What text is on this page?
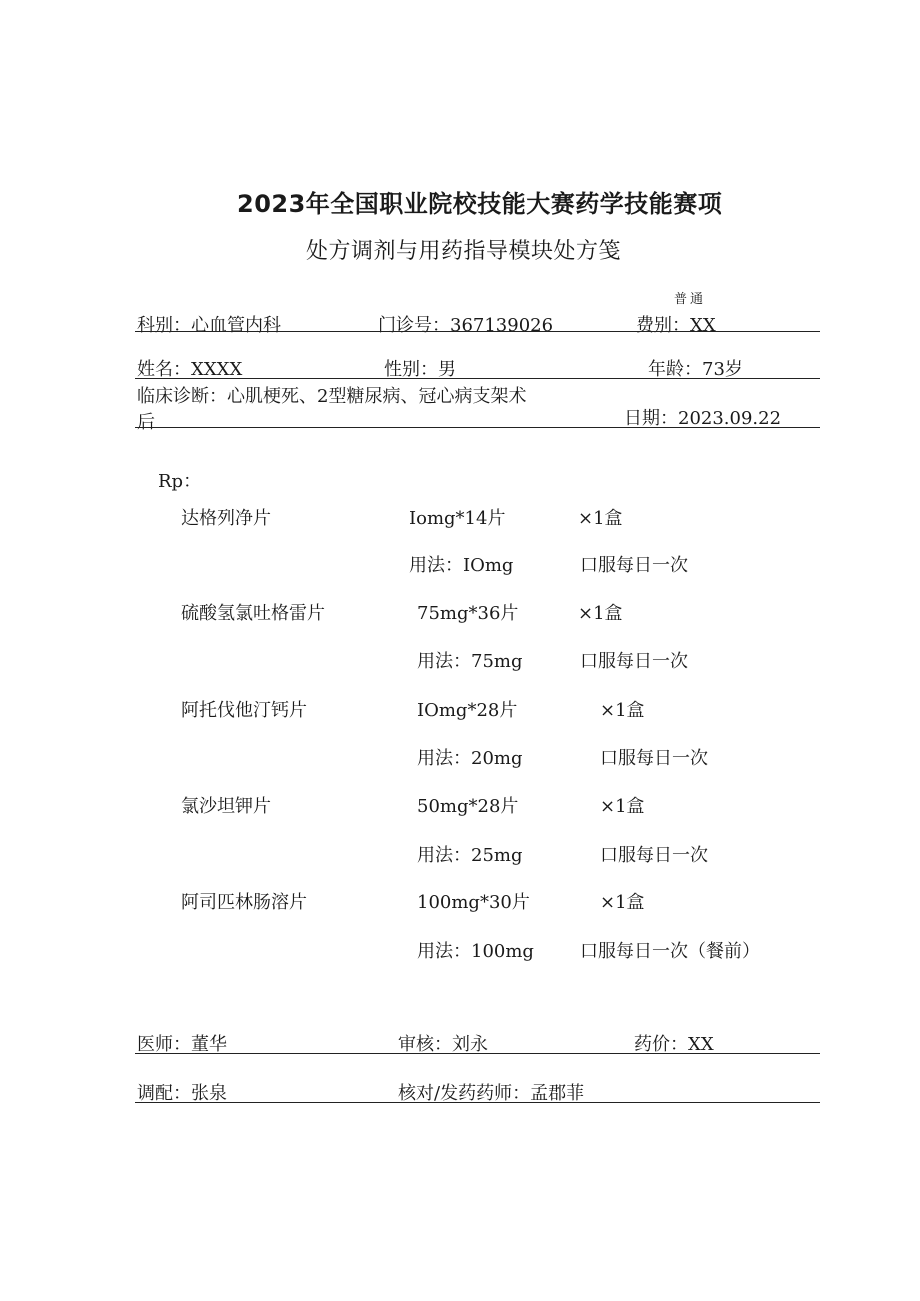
2023年全国职业院校技能大赛药学技能赛项
处方调剂与用药指导模块处方笺
普通
科别：心血管内科	门诊号：367139026	费别：XX
姓名：XXXX	性别：男	年龄：73岁
临床诊断：心肌梗死、2型糖尿病、冠心病支架术
后	日期：2023.09.22
Rp：
达格列净片	Iomg*14片	×1盒
用法：IOmg	口服每日一次
硫酸氢氯吐格雷片	75mg*36片	×1盒
用法：75mg	口服每日一次
阿托伐他汀钙片	IOmg*28片	×1盒
用法：20mg	口服每日一次
氯沙坦钾片	50mg*28片	×1盒
用法：25mg	口服每日一次
阿司匹林肠溶片	100mg*30片	×1盒
用法：100mg	口服每日一次（餐前）
医师：董华	审核：刘永	药价：XX
调配：张泉	核对/发药药师：孟郡菲
